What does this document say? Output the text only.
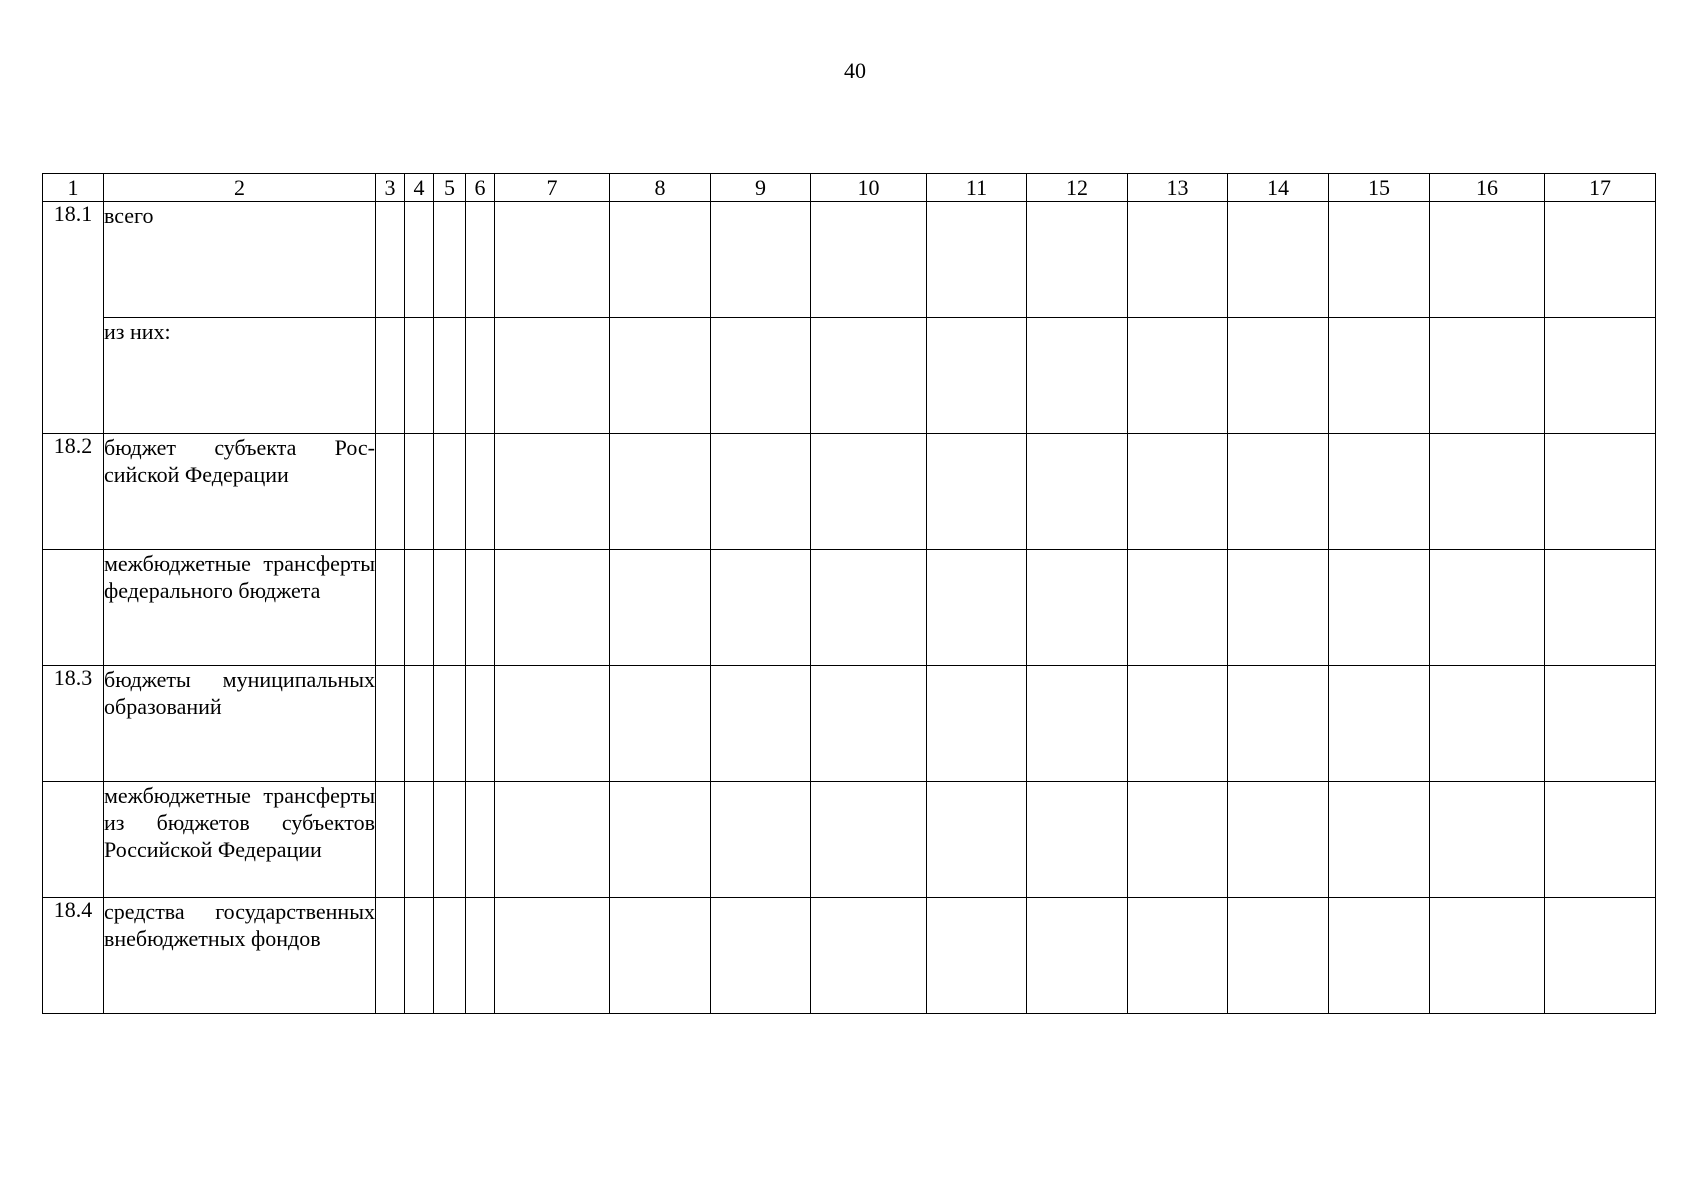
40
1	2	3	4	5	6	7	8	9	10	11	12	13	14	15	16	17
18.1	всего															
	из них:															
18.2	бюджет субъекта Российской Федерации															
	межбюджетные трансферты федерального бюджета															
18.3	бюджеты муниципальных образований															
	межбюджетные трансферты из бюджетов субъектов Российской Федерации															
18.4	средства государственных внебюджетных фондов															
